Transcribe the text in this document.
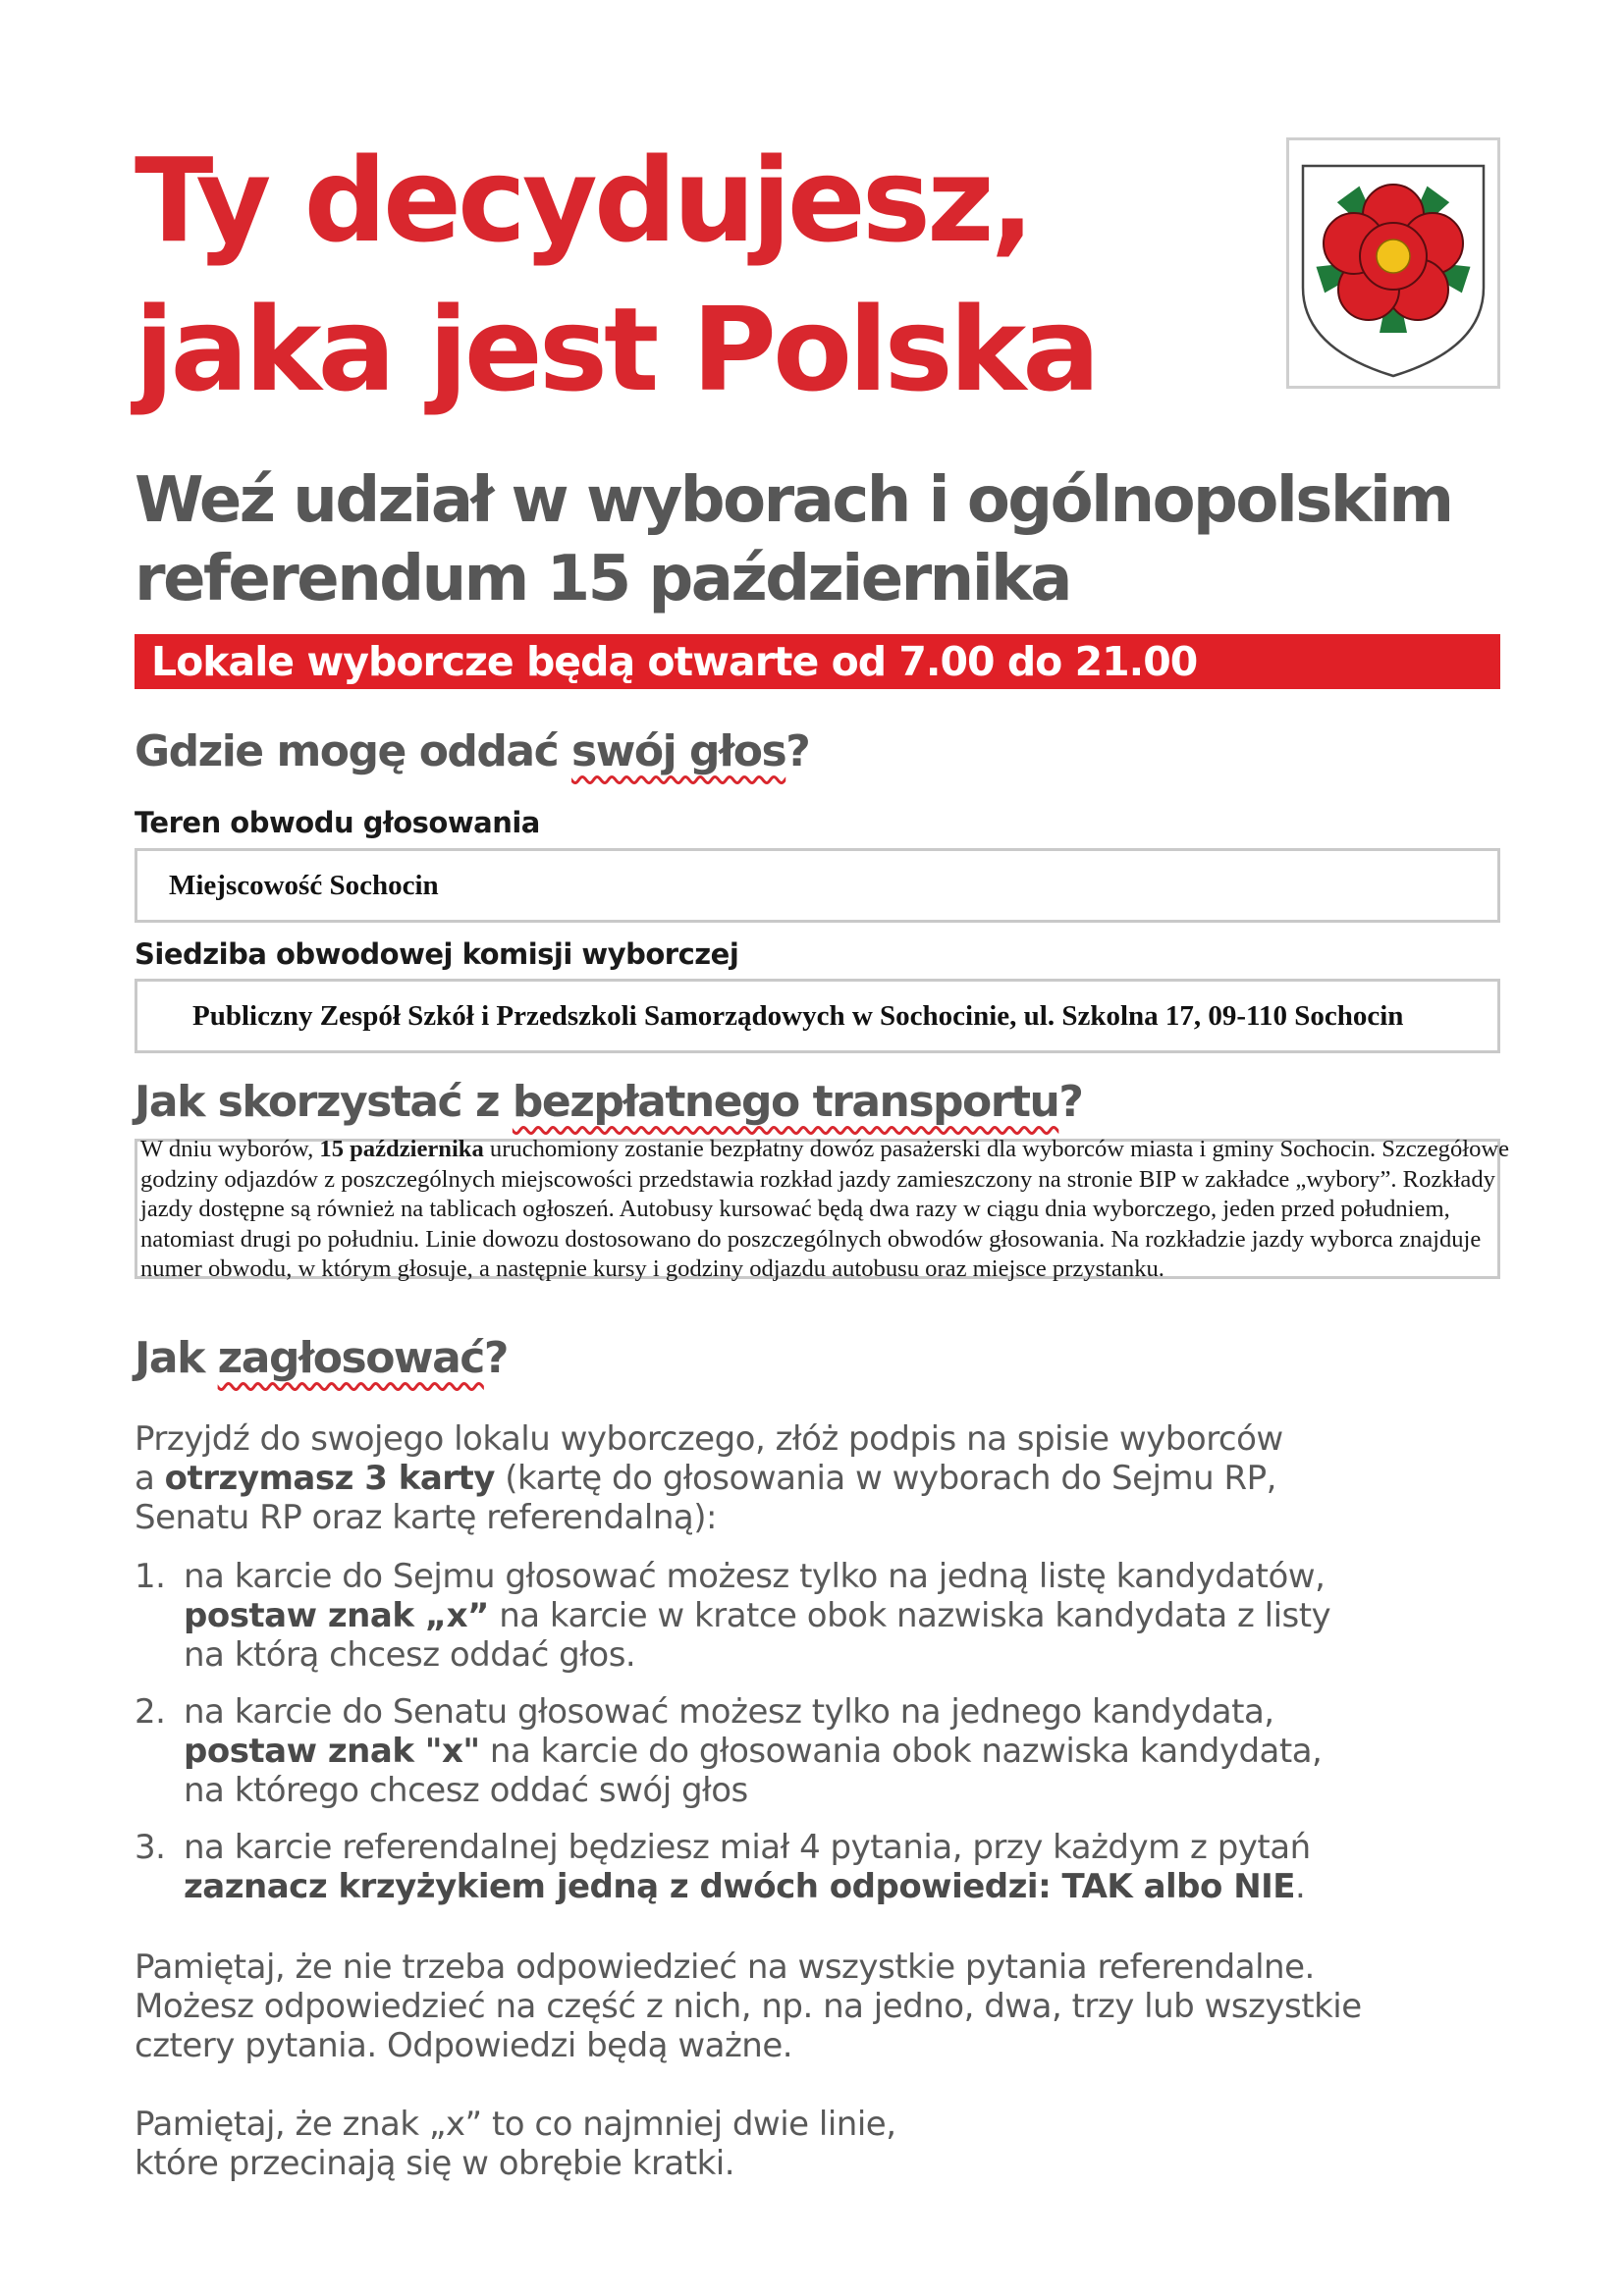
Ty decydujesz,
jaka jest Polska
Weź udział w wyborach i ogólnopolskim
referendum 15 października
Lokale wyborcze będą otwarte od 7.00 do 21.00
Gdzie mogę oddać swój głos?
Teren obwodu głosowania
Miejscowość Sochocin
Siedziba obwodowej komisji wyborczej
Publiczny Zespół Szkół i Przedszkoli Samorządowych w Sochocinie, ul. Szkolna 17, 09-110 Sochocin
Jak skorzystać z bezpłatnego transportu?
W dniu wyborów, 15 października uruchomiony zostanie bezpłatny dowóz pasażerski dla wyborców miasta i gminy Sochocin. Szczegółowe godziny odjazdów z poszczególnych miejscowości przedstawia rozkład jazdy zamieszczony na stronie BIP w zakładce „wybory”. Rozkłady jazdy dostępne są również na tablicach ogłoszeń. Autobusy kursować będą dwa razy w ciągu dnia wyborczego, jeden przed południem, natomiast drugi po południu. Linie dowozu dostosowano do poszczególnych obwodów głosowania. Na rozkładzie jazdy wyborca znajduje numer obwodu, w którym głosuje, a następnie kursy i godziny odjazdu autobusu oraz miejsce przystanku.
Jak zagłosować?
Przyjdź do swojego lokalu wyborczego, złóż podpis na spisie wyborców
a otrzymasz 3 karty (kartę do głosowania w wyborach do Sejmu RP,
Senatu RP oraz kartę referendalną):
1. na karcie do Sejmu głosować możesz tylko na jedną listę kandydatów,
postaw znak „x” na karcie w kratce obok nazwiska kandydata z listy
na którą chcesz oddać głos.
2. na karcie do Senatu głosować możesz tylko na jednego kandydata,
postaw znak "x" na karcie do głosowania obok nazwiska kandydata,
na którego chcesz oddać swój głos
3. na karcie referendalnej będziesz miał 4 pytania, przy każdym z pytań
zaznacz krzyżykiem jedną z dwóch odpowiedzi: TAK albo NIE.
Pamiętaj, że nie trzeba odpowiedzieć na wszystkie pytania referendalne.
Możesz odpowiedzieć na część z nich, np. na jedno, dwa, trzy lub wszystkie
cztery pytania. Odpowiedzi będą ważne.
Pamiętaj, że znak „x” to co najmniej dwie linie,
które przecinają się w obrębie kratki.
